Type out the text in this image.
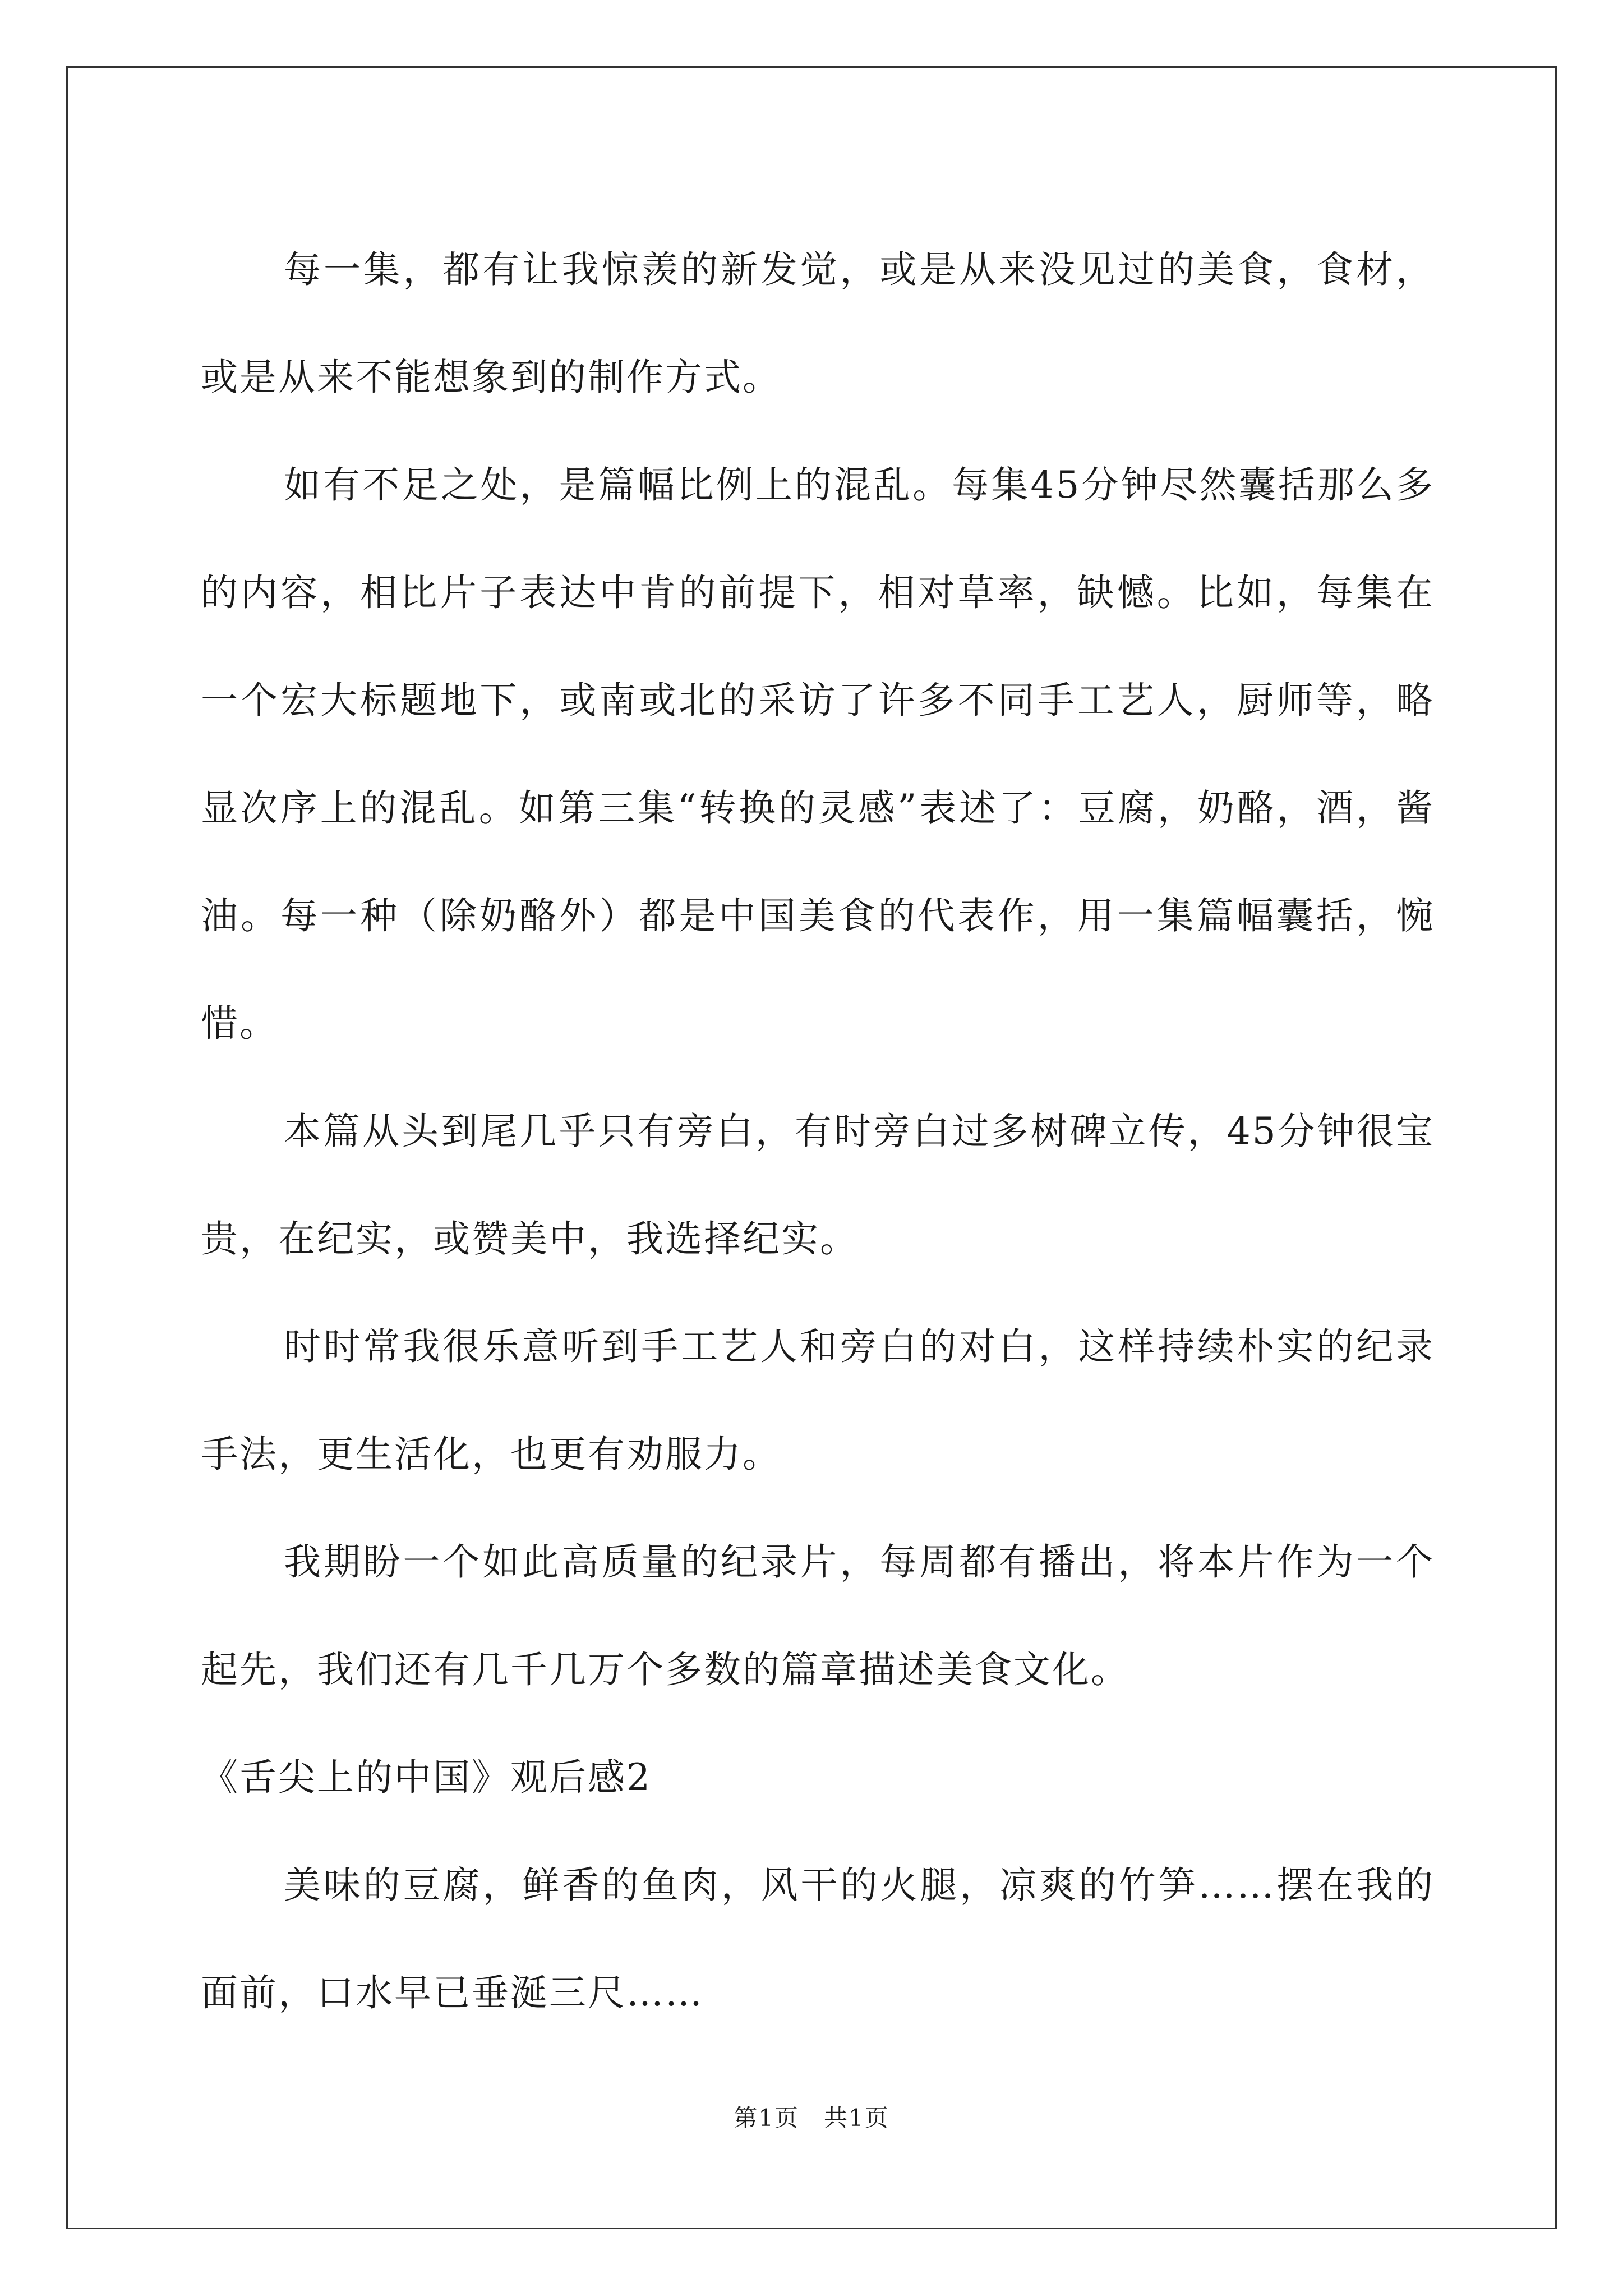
每一集，都有让我惊羡的新发觉，或是从来没见过的美食，食材，或是从来不能想象到的制作方式。

如有不足之处，是篇幅比例上的混乱。每集45分钟尽然囊括那么多的内容，相比片子表达中肯的前提下，相对草率，缺憾。比如，每集在一个宏大标题地下，或南或北的采访了许多不同手工艺人，厨师等，略显次序上的混乱。如第三集“转换的灵感”表述了：豆腐，奶酪，酒，酱油。每一种（除奶酪外）都是中国美食的代表作，用一集篇幅囊括，惋惜。

本篇从头到尾几乎只有旁白，有时旁白过多树碑立传，45分钟很宝贵，在纪实，或赞美中，我选择纪实。

时时常我很乐意听到手工艺人和旁白的对白，这样持续朴实的纪录手法，更生活化，也更有劝服力。

我期盼一个如此高质量的纪录片，每周都有播出，将本片作为一个起先，我们还有几千几万个多数的篇章描述美食文化。

《舌尖上的中国》观后感2

美味的豆腐，鲜香的鱼肉，风干的火腿，凉爽的竹笋……摆在我的面前，口水早已垂涎三尺……

第1页　共1页
